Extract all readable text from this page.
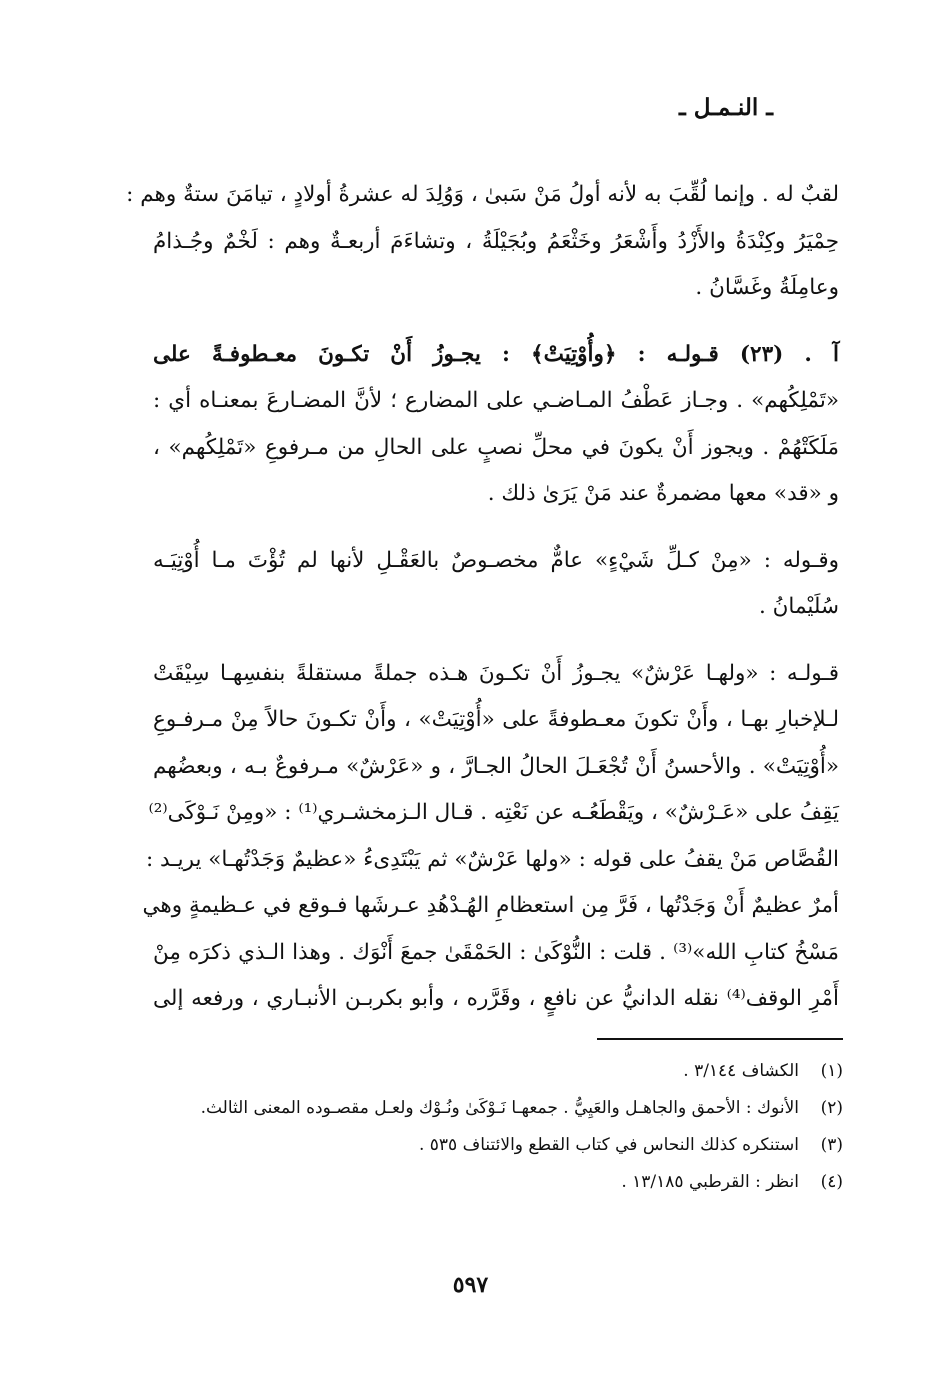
ـ النـمـل ـ
لقبٌ له . وإنما لُقِّبَ به لأنه أولُ مَنْ سَبىٰ ، وَوُلِدَ له عشرةُ أولادٍ ، تيامَنَ ستةٌ وهم :
حِمْيَرُ وكِنْدَةُ والأَزْدُ وأَشْعَرُ وخَثْعَمُ وبُجَيْلَةُ ، وتشاءَمَ أربعـةٌ وهم : لَخْمٌ وجُـذامُ
وعامِلَةُ وغَسَّانُ .
آ . (٢٣) قـولـه : ﴿وأُوْتِيَتْ﴾ : يجـوزُ أَنْ تكـونَ معـطوفـةً على
«تَمْلِكُهم» . وجـاز عَطْفُ المـاضـي على المضارع ؛ لأنَّ المضـارعَ بمعنـاه أي :
مَلَكَتْهُمْ . ويجوز أَنْ يكونَ في محلِّ نصبٍ على الحالِ من مـرفوعِ «تَمْلِكُهم» ،
و «قد» معها مضمرةٌ عند مَنْ يَرَىٰ ذلك .
وقـوله : «مِنْ كـلِّ شَيْءٍ» عامٌّ مخصـوصٌ بالعَقْـلِ لأنها لم تُؤْتَ مـا أُوْتِيَـه
سُلَيْمانُ .
قـولـه : «ولهـا عَرْشٌ» يجـوزُ أَنْ تكـونَ هـذه جملةً مستقلةً بنفسِهـا سِيْقَتْ
لـلإخبارِ بهـا ، وأَنْ تكونَ معـطوفةً على «أُوْتِيَتْ» ، وأَنْ تكـونَ حالاً مِنْ مـرفـوعِ
«أُوْتِيَتْ» . والأحسنُ أَنْ تُجْعَـلَ الحالُ الجـارَّ ، و «عَرْشٌ» مـرفوعٌ بـه ، وبعضُهم
يَقِفُ على «عَـرْشٌ» ، ويَقْطَعُـه عن نَعْتِه . قـال الـزمخشـري⁽¹⁾ : «ومِنْ نَـوْكَى⁽²⁾
القُصَّاص مَنْ يقفُ على قوله : «ولها عَرْشٌ» ثم يَبْتَدِىءُ «عظيمٌ وَجَدْتُهـا» يريـد :
أمرٌ عظيمٌ أَنْ وَجَدْتُها ، فَرَّ مِن استعظامِ الهُـدْهُدِ عـرشَها فـوقع في عـظيمةٍ وهي
مَسْخُ كتابِ الله»⁽³⁾ . قلت : النُّوْكَىٰ : الحَمْقَىٰ جمعَ أَنْوَك . وهذا الـذي ذكرَه مِنْ
أَمْرِ الوقف⁽⁴⁾ نقله الدانيُّ عن نافعٍ ، وقَرَّره ، وأبو بكربـن الأنبـاري ، ورفعه إلى
(١)
الكشاف ٣/١٤٤ .
(٢)
الأنوك : الأحمق والجاهـل والعَيِيُّ . جمعهـا نَـوْكَىٰ ونُـوْك ولعـل مقصـوده المعنى الثالث.
(٣)
استنكره كذلك النحاس في كتاب القطع والائتناف ٥٣٥ .
(٤)
انظر : القرطبي ١٣/١٨٥ .
٥٩٧
